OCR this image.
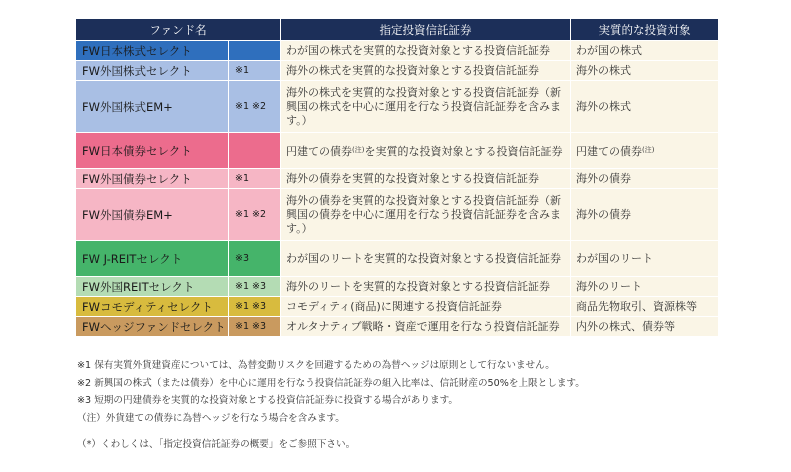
ファンド名		指定投資信託証券	実質的な投資対象
FW日本株式セレクト		わが国の株式を実質的な投資対象とする投資信託証券	わが国の株式
FW外国株式セレクト	※1	海外の株式を実質的な投資対象とする投資信託証券	海外の株式
FW外国株式EM+	※1 ※2	海外の株式を実質的な投資対象とする投資信託証券（新興国の株式を中心に運用を行なう投資信託証券を含みます。）	海外の株式
FW日本債券セレクト		円建ての債券$^{(注)}$を実質的な投資対象とする投資信託証券	円建ての債券$^{(注)}$
FW外国債券セレクト	※1	海外の債券を実質的な投資対象とする投資信託証券	海外の債券
FW外国債券EM+	※1 ※2	海外の債券を実質的な投資対象とする投資信託証券（新興国の債券を中心に運用を行なう投資信託証券を含みます。）	海外の債券
FW J-REITセレクト	※3	わが国のリートを実質的な投資対象とする投資信託証券	わが国のリート
FW外国REITセレクト	※1 ※3	海外のリートを実質的な投資対象とする投資信託証券	海外のリート
FWコモディティセレクト	※1 ※3	コモディティ(商品)に関連する投資信託証券	商品先物取引、資源株等
FWヘッジファンドセレクト	※1 ※3	オルタナティブ戦略・資産で運用を行なう投資信託証券	内外の株式、債券等
※1 保有実質外貨建資産については、為替変動リスクを回避するための為替ヘッジは原則として行ないません。
※2 新興国の株式（または債券）を中心に運用を行なう投資信託証券の組入比率は、信託財産の50%を上限とします。
※3 短期の円建債券を実質的な投資対象とする投資信託証券に投資する場合があります。
（注）外貨建ての債券に為替ヘッジを行なう場合を含みます。
（*）くわしくは、「指定投資信託証券の概要」をご参照下さい。
